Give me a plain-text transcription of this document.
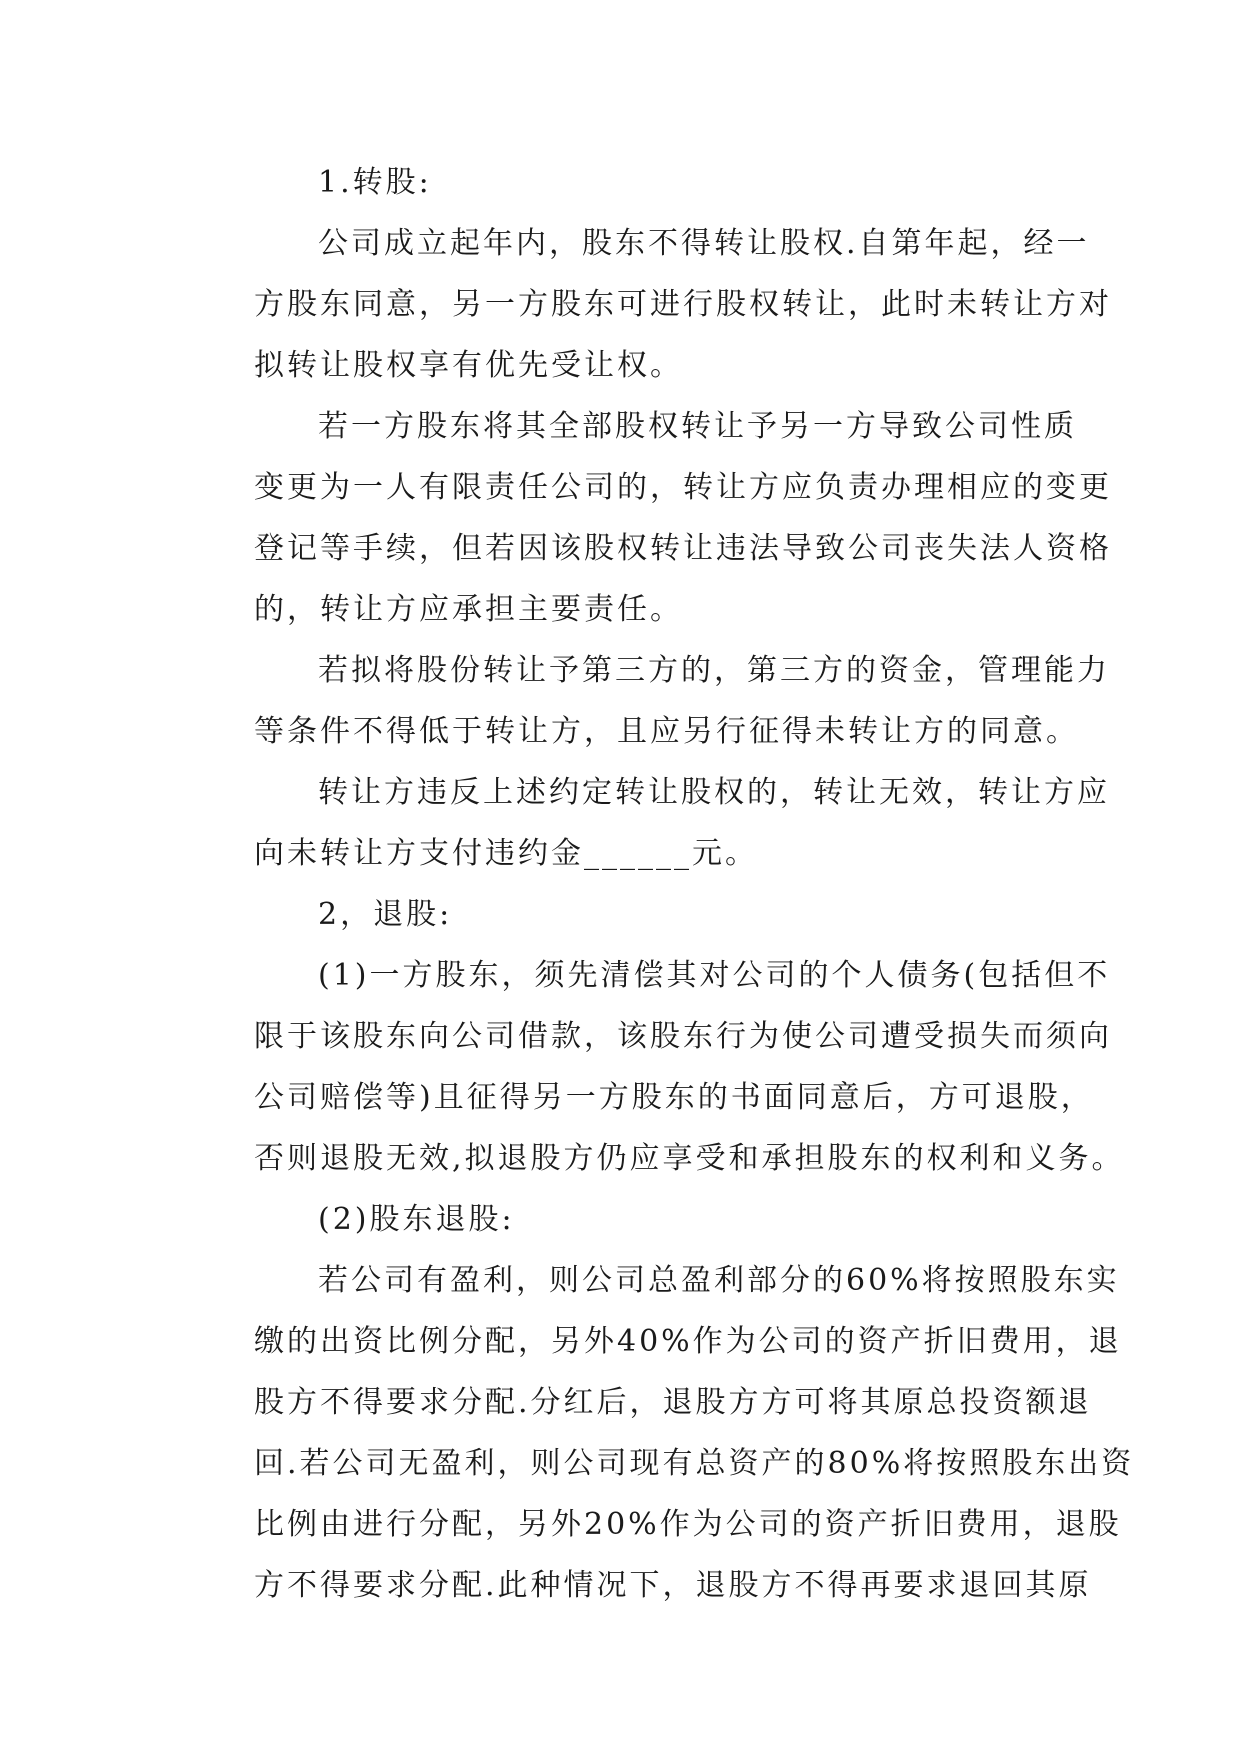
1.转股:
公司成立起年内，股东不得转让股权.自第年起，经一
方股东同意，另一方股东可进行股权转让，此时未转让方对
拟转让股权享有优先受让权。
若一方股东将其全部股权转让予另一方导致公司性质
变更为一人有限责任公司的，转让方应负责办理相应的变更
登记等手续，但若因该股权转让违法导致公司丧失法人资格
的，转让方应承担主要责任。
若拟将股份转让予第三方的，第三方的资金，管理能力
等条件不得低于转让方，且应另行征得未转让方的同意。
转让方违反上述约定转让股权的，转让无效，转让方应
向未转让方支付违约金______元。
2，退股:
(1)一方股东，须先清偿其对公司的个人债务(包括但不
限于该股东向公司借款，该股东行为使公司遭受损失而须向
公司赔偿等)且征得另一方股东的书面同意后，方可退股，
否则退股无效,拟退股方仍应享受和承担股东的权利和义务。
(2)股东退股:
若公司有盈利，则公司总盈利部分的60%将按照股东实
缴的出资比例分配，另外40%作为公司的资产折旧费用，退
股方不得要求分配.分红后，退股方方可将其原总投资额退
回.若公司无盈利，则公司现有总资产的80%将按照股东出资
比例由进行分配，另外20%作为公司的资产折旧费用，退股
方不得要求分配.此种情况下，退股方不得再要求退回其原
